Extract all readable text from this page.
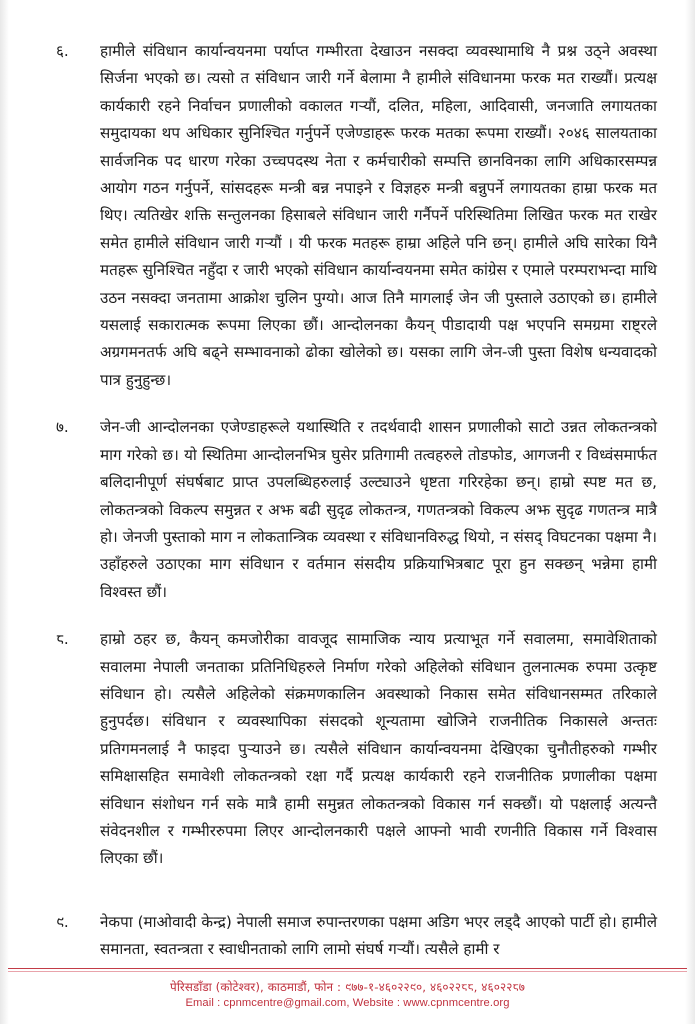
६.	हामीले संविधान कार्यान्वयनमा पर्याप्त गम्भीरता देखाउन नसक्दा व्यवस्थामाथि नै प्रश्न उठ्ने अवस्था सिर्जना भएको छ। त्यसो त संविधान जारी गर्ने बेलामा नै हामीले संविधानमा फरक मत राख्यौं। प्रत्यक्ष कार्यकारी रहने निर्वाचन प्रणालीको वकालत गर्‍यौं, दलित, महिला, आदिवासी, जनजाति लगायतका समुदायका थप अधिकार सुनिश्चित गर्नुपर्ने एजेण्डाहरू फरक मतका रूपमा राख्यौं। २०४६ सालयताका सार्वजनिक पद धारण गरेका उच्चपदस्थ नेता र कर्मचारीको सम्पत्ति छानविनका लागि अधिकारसम्पन्न आयोग गठन गर्नुपर्ने, सांसदहरू मन्त्री बन्न नपाइने र विज्ञहरु मन्त्री बन्नुपर्ने लगायतका हाम्रा फरक मत थिए। त्यतिखेर शक्ति सन्तुलनका हिसाबले संविधान जारी गर्नैपर्ने परिस्थितिमा लिखित फरक मत राखेर समेत हामीले संविधान जारी गर्‍यौं । यी फरक मतहरू हाम्रा अहिले पनि छन्। हामीले अघि सारेका यिनै मतहरू सुनिश्चित नहुँदा र जारी भएको संविधान कार्यान्वयनमा समेत कांग्रेस र एमाले परम्पराभन्दा माथि उठन नसक्दा जनतामा आक्रोश चुलिन पुग्यो। आज तिनै मागलाई जेन जी पुस्ताले उठाएको छ। हामीले यसलाई सकारात्मक रूपमा लिएका छौं। आन्दोलनका कैयन् पीडादायी पक्ष भएपनि समग्रमा राष्ट्रले अग्रगमनतर्फ अघि बढ्ने सम्भावनाको ढोका खोलेको छ। यसका लागि जेन-जी पुस्ता विशेष धन्यवादको पात्र हुनुहुन्छ।
७.	जेन-जी आन्दोलनका एजेण्डाहरूले यथास्थिति र तदर्थवादी शासन प्रणालीको साटो उन्नत लोकतन्त्रको माग गरेको छ। यो स्थितिमा आन्दोलनभित्र घुसेर प्रतिगामी तत्वहरुले तोडफोड, आगजनी र विध्वंसमार्फत बलिदानीपूर्ण संघर्षबाट प्राप्त उपलब्धिहरुलाई उल्ट्याउने धृष्टता गरिरहेका छन्। हाम्रो स्पष्ट मत छ, लोकतन्त्रको विकल्प समुन्नत र अझ बढी सुदृढ लोकतन्त्र, गणतन्त्रको विकल्प अझ सुदृढ गणतन्त्र मात्रै हो। जेनजी पुस्ताको माग न लोकतान्त्रिक व्यवस्था र संविधानविरुद्ध थियो, न संसद् विघटनका पक्षमा नै। उहाँहरुले उठाएका माग संविधान र वर्तमान संसदीय प्रक्रियाभित्रबाट पूरा हुन सक्छन् भन्नेमा हामी विश्वस्त छौं।
८.	हाम्रो ठहर छ, कैयन् कमजोरीका वावजूद सामाजिक न्याय प्रत्याभूत गर्ने सवालमा, समावेशिताको सवालमा नेपाली जनताका प्रतिनिधिहरुले निर्माण गरेको अहिलेको संविधान तुलनात्मक रुपमा उत्कृष्ट संविधान हो। त्यसैले अहिलेको संक्रमणकालिन अवस्थाको निकास समेत संविधानसम्मत तरिकाले हुनुपर्दछ। संविधान र व्यवस्थापिका संसदको शून्यतामा खोजिने राजनीतिक निकासले अन्ततः प्रतिगमनलाई नै फाइदा पुर्‍याउने छ। त्यसैले संविधान कार्यान्वयनमा देखिएका चुनौतीहरुको गम्भीर समिक्षासहित समावेशी लोकतन्त्रको रक्षा गर्दै प्रत्यक्ष कार्यकारी रहने राजनीतिक प्रणालीका पक्षमा संविधान संशोधन गर्न सके मात्रै हामी समुन्नत लोकतन्त्रको विकास गर्न सक्छौं। यो पक्षलाई अत्यन्तै संवेदनशील र गम्भीररुपमा लिएर आन्दोलनकारी पक्षले आफ्नो भावी रणनीति विकास गर्ने विश्वास लिएका छौं।
९.	नेकपा (माओवादी केन्द्र) नेपाली समाज रुपान्तरणका पक्षमा अडिग भएर लड्दै आएको पार्टी हो। हामीले समानता, स्वतन्त्रता र स्वाधीनताको लागि लामो संघर्ष गर्‍यौं। त्यसैले हामी र
पेरिसडाँडा (कोटेश्वर), काठमाडौं, फोन : ९७७-१-४६०२२९०, ४६०२२८८, ४६०२२८७
Email : cpnmcentre@gmail.com, Website : www.cpnmcentre.org
